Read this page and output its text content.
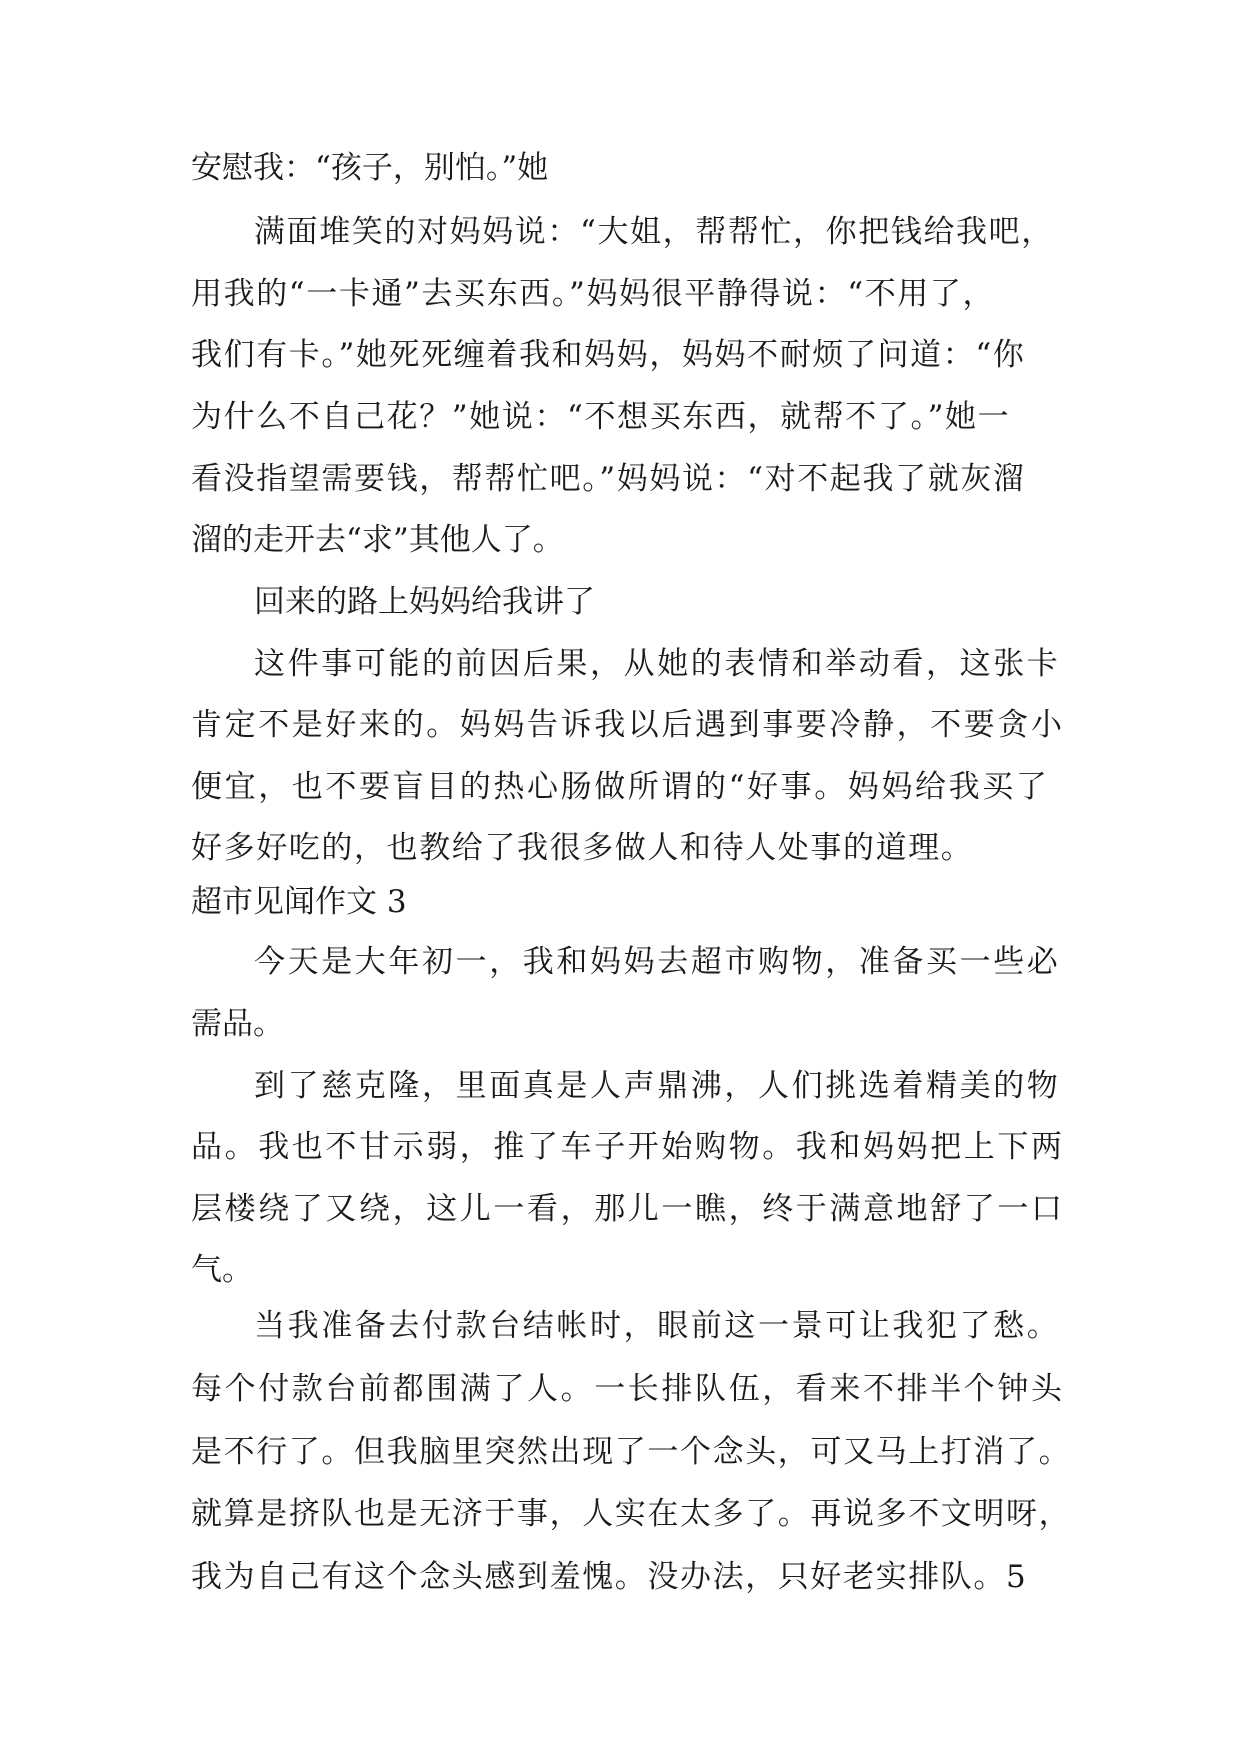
安慰我：“孩子，别怕。”她

满面堆笑的对妈妈说：“大姐，帮帮忙，你把钱给我吧，

用我的“一卡通”去买东西。”妈妈很平静得说：“不用了，

我们有卡。”她死死缠着我和妈妈，妈妈不耐烦了问道：“你

为什么不自己花？”她说：“不想买东西，就帮不了。”她一

看没指望需要钱，帮帮忙吧。”妈妈说：“对不起我了就灰溜

溜的走开去“求”其他人了。

回来的路上妈妈给我讲了

这件事可能的前因后果，从她的表情和举动看，这张卡

肯定不是好来的。妈妈告诉我以后遇到事要冷静，不要贪小

便宜，也不要盲目的热心肠做所谓的“好事。妈妈给我买了

好多好吃的，也教给了我很多做人和待人处事的道理。

超市见闻作文 3

今天是大年初一，我和妈妈去超市购物，准备买一些必

需品。

到了慈克隆，里面真是人声鼎沸，人们挑选着精美的物

品。我也不甘示弱，推了车子开始购物。我和妈妈把上下两

层楼绕了又绕，这儿一看，那儿一瞧，终于满意地舒了一口

气。

当我准备去付款台结帐时，眼前这一景可让我犯了愁。

每个付款台前都围满了人。一长排队伍，看来不排半个钟头

是不行了。但我脑里突然出现了一个念头，可又马上打消了。

就算是挤队也是无济于事，人实在太多了。再说多不文明呀，

我为自己有这个念头感到羞愧。没办法，只好老实排队。5
